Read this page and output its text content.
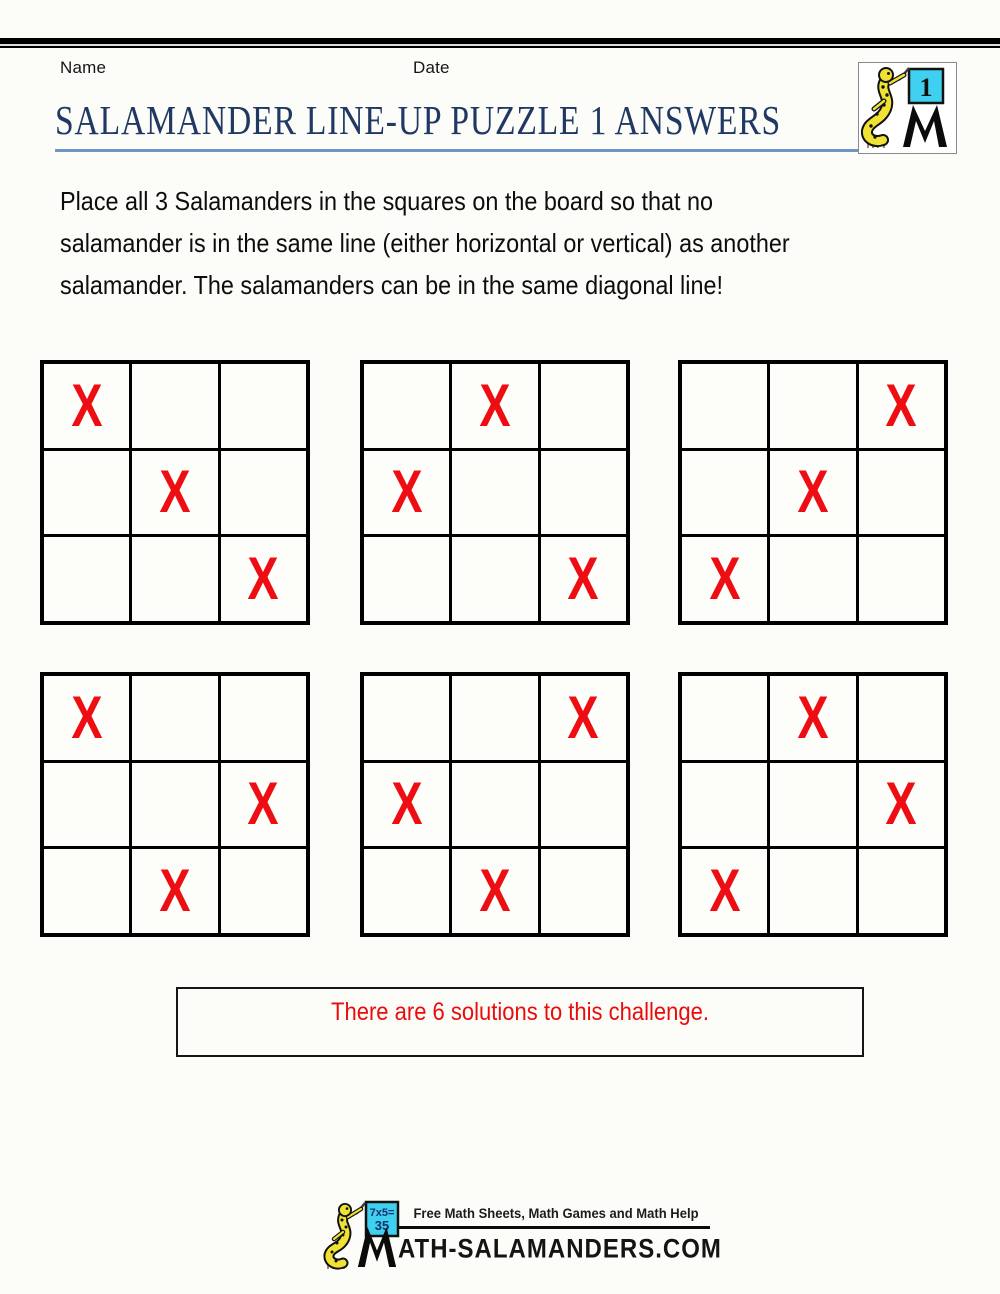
Name	Date
SALAMANDER LINE-UP PUZZLE 1 ANSWERS
1
Place all 3 Salamanders in the squares on the board so that no
salamander is in the same line (either horizontal or vertical) as another
salamander. The salamanders can be in the same diagonal line!
X
X
X
X
X
X
X
X
X
X
X
X
X
X
X
X
X
X
There are 6 solutions to this challenge.
7x5=
35
Free Math Sheets, Math Games and Math Help
ATH-SALAMANDERS.COM
